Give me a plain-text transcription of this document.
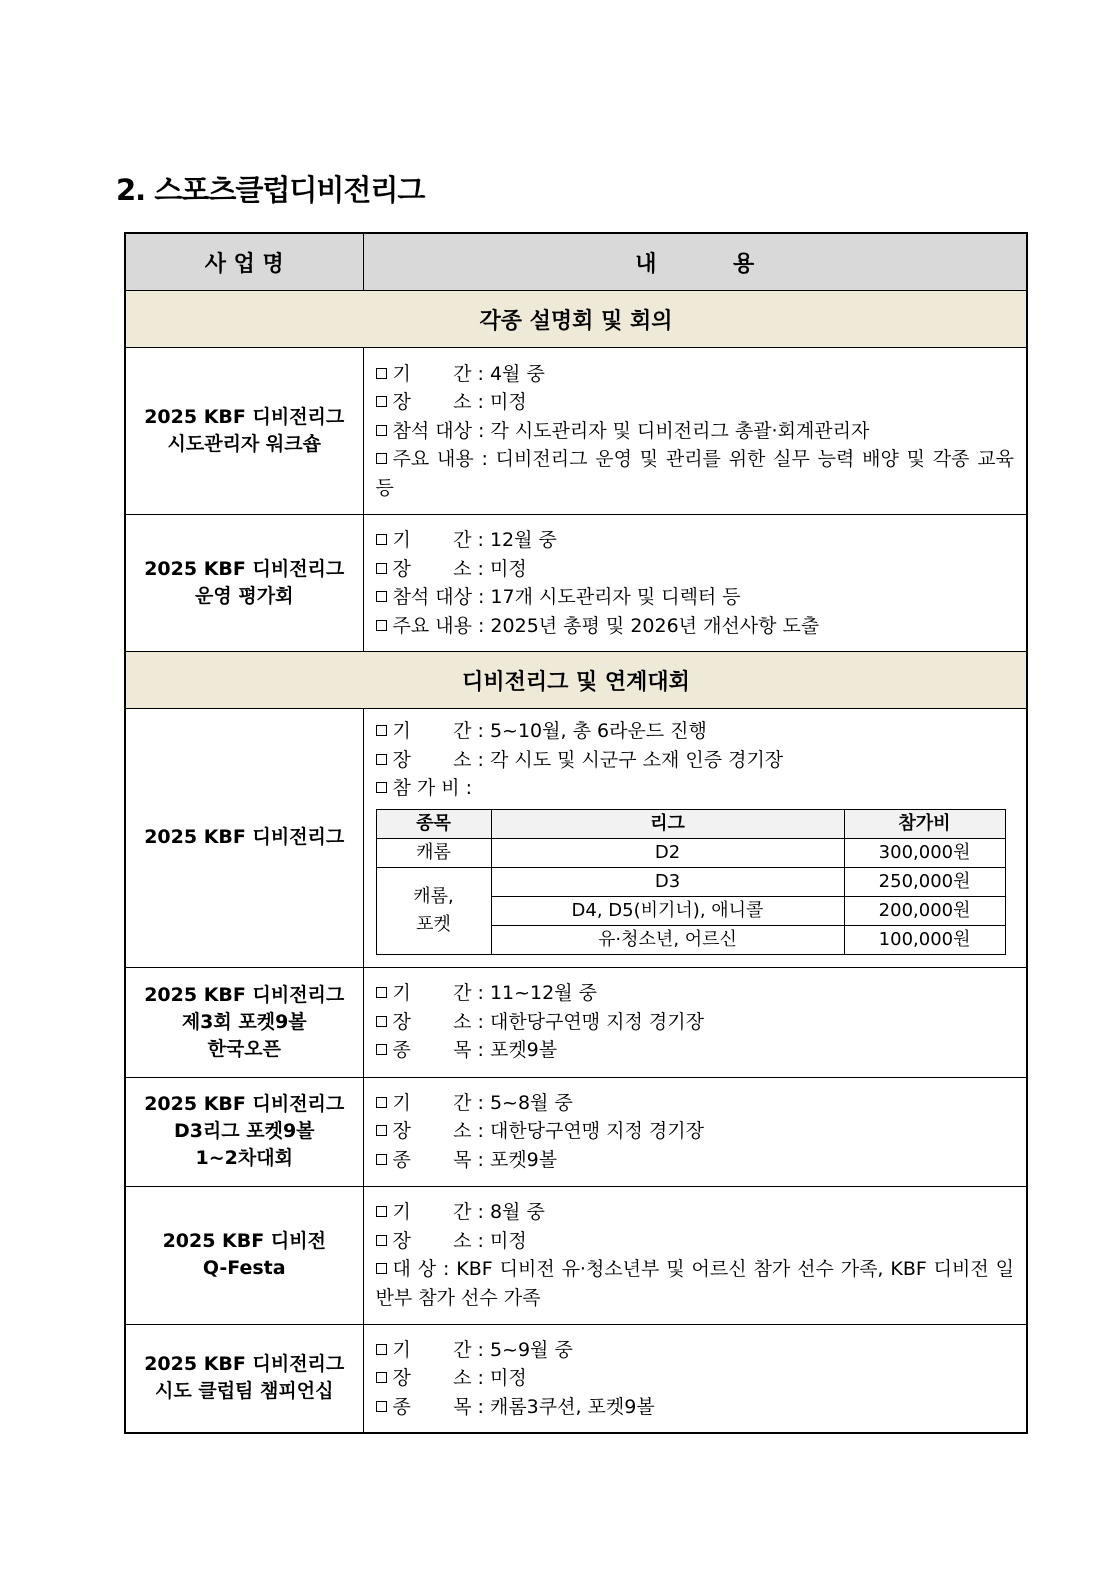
2. 스포츠클럽디비전리그
사 업 명	내          용
각종 설명회 및 회의

2025 KBF 디비전리그
시도관리자 워크숍

기       간 : 4월 중
장       소 : 미정
참석 대상 : 각 시도관리자 및 디비전리그 총괄·회계관리자
주요 내용 : 디비전리그 운영 및 관리를 위한 실무 능력 배양 및 각종 교육 등

2025 KBF 디비전리그
운영 평가회

기       간 : 12월 중
장       소 : 미정
참석 대상 : 17개 시도관리자 및 디렉터 등
주요 내용 : 2025년 총평 및 2026년 개선사항 도출

디비전리그 및 연계대회

2025 KBF 디비전리그

기       간 : 5~10월, 총 6라운드 진행
장       소 : 각 시도 및 시군구 소재 인증 경기장
참 가 비 :
종목	리그	참가비
캐롬	D2	300,000원
캐롬,
포켓	D3	250,000원
D4, D5(비기너), 애니콜	200,000원
유·청소년, 어르신	100,000원

2025 KBF 디비전리그
제3회 포켓9볼
한국오픈

기       간 : 11~12월 중
장       소 : 대한당구연맹 지정 경기장
종       목 : 포켓9볼

2025 KBF 디비전리그
D3리그 포켓9볼
1~2차대회

기       간 : 5~8월 중
장       소 : 대한당구연맹 지정 경기장
종       목 : 포켓9볼

2025 KBF 디비전
Q-Festa

기       간 : 8월 중
장       소 : 미정
대 상 : KBF 디비전 유·청소년부 및 어르신 참가 선수 가족, KBF 디비전 일반부 참가 선수 가족

2025 KBF 디비전리그
시도 클럽팀 챔피언십

기       간 : 5~9월 중
장       소 : 미정
종       목 : 캐롬3쿠션, 포켓9볼
